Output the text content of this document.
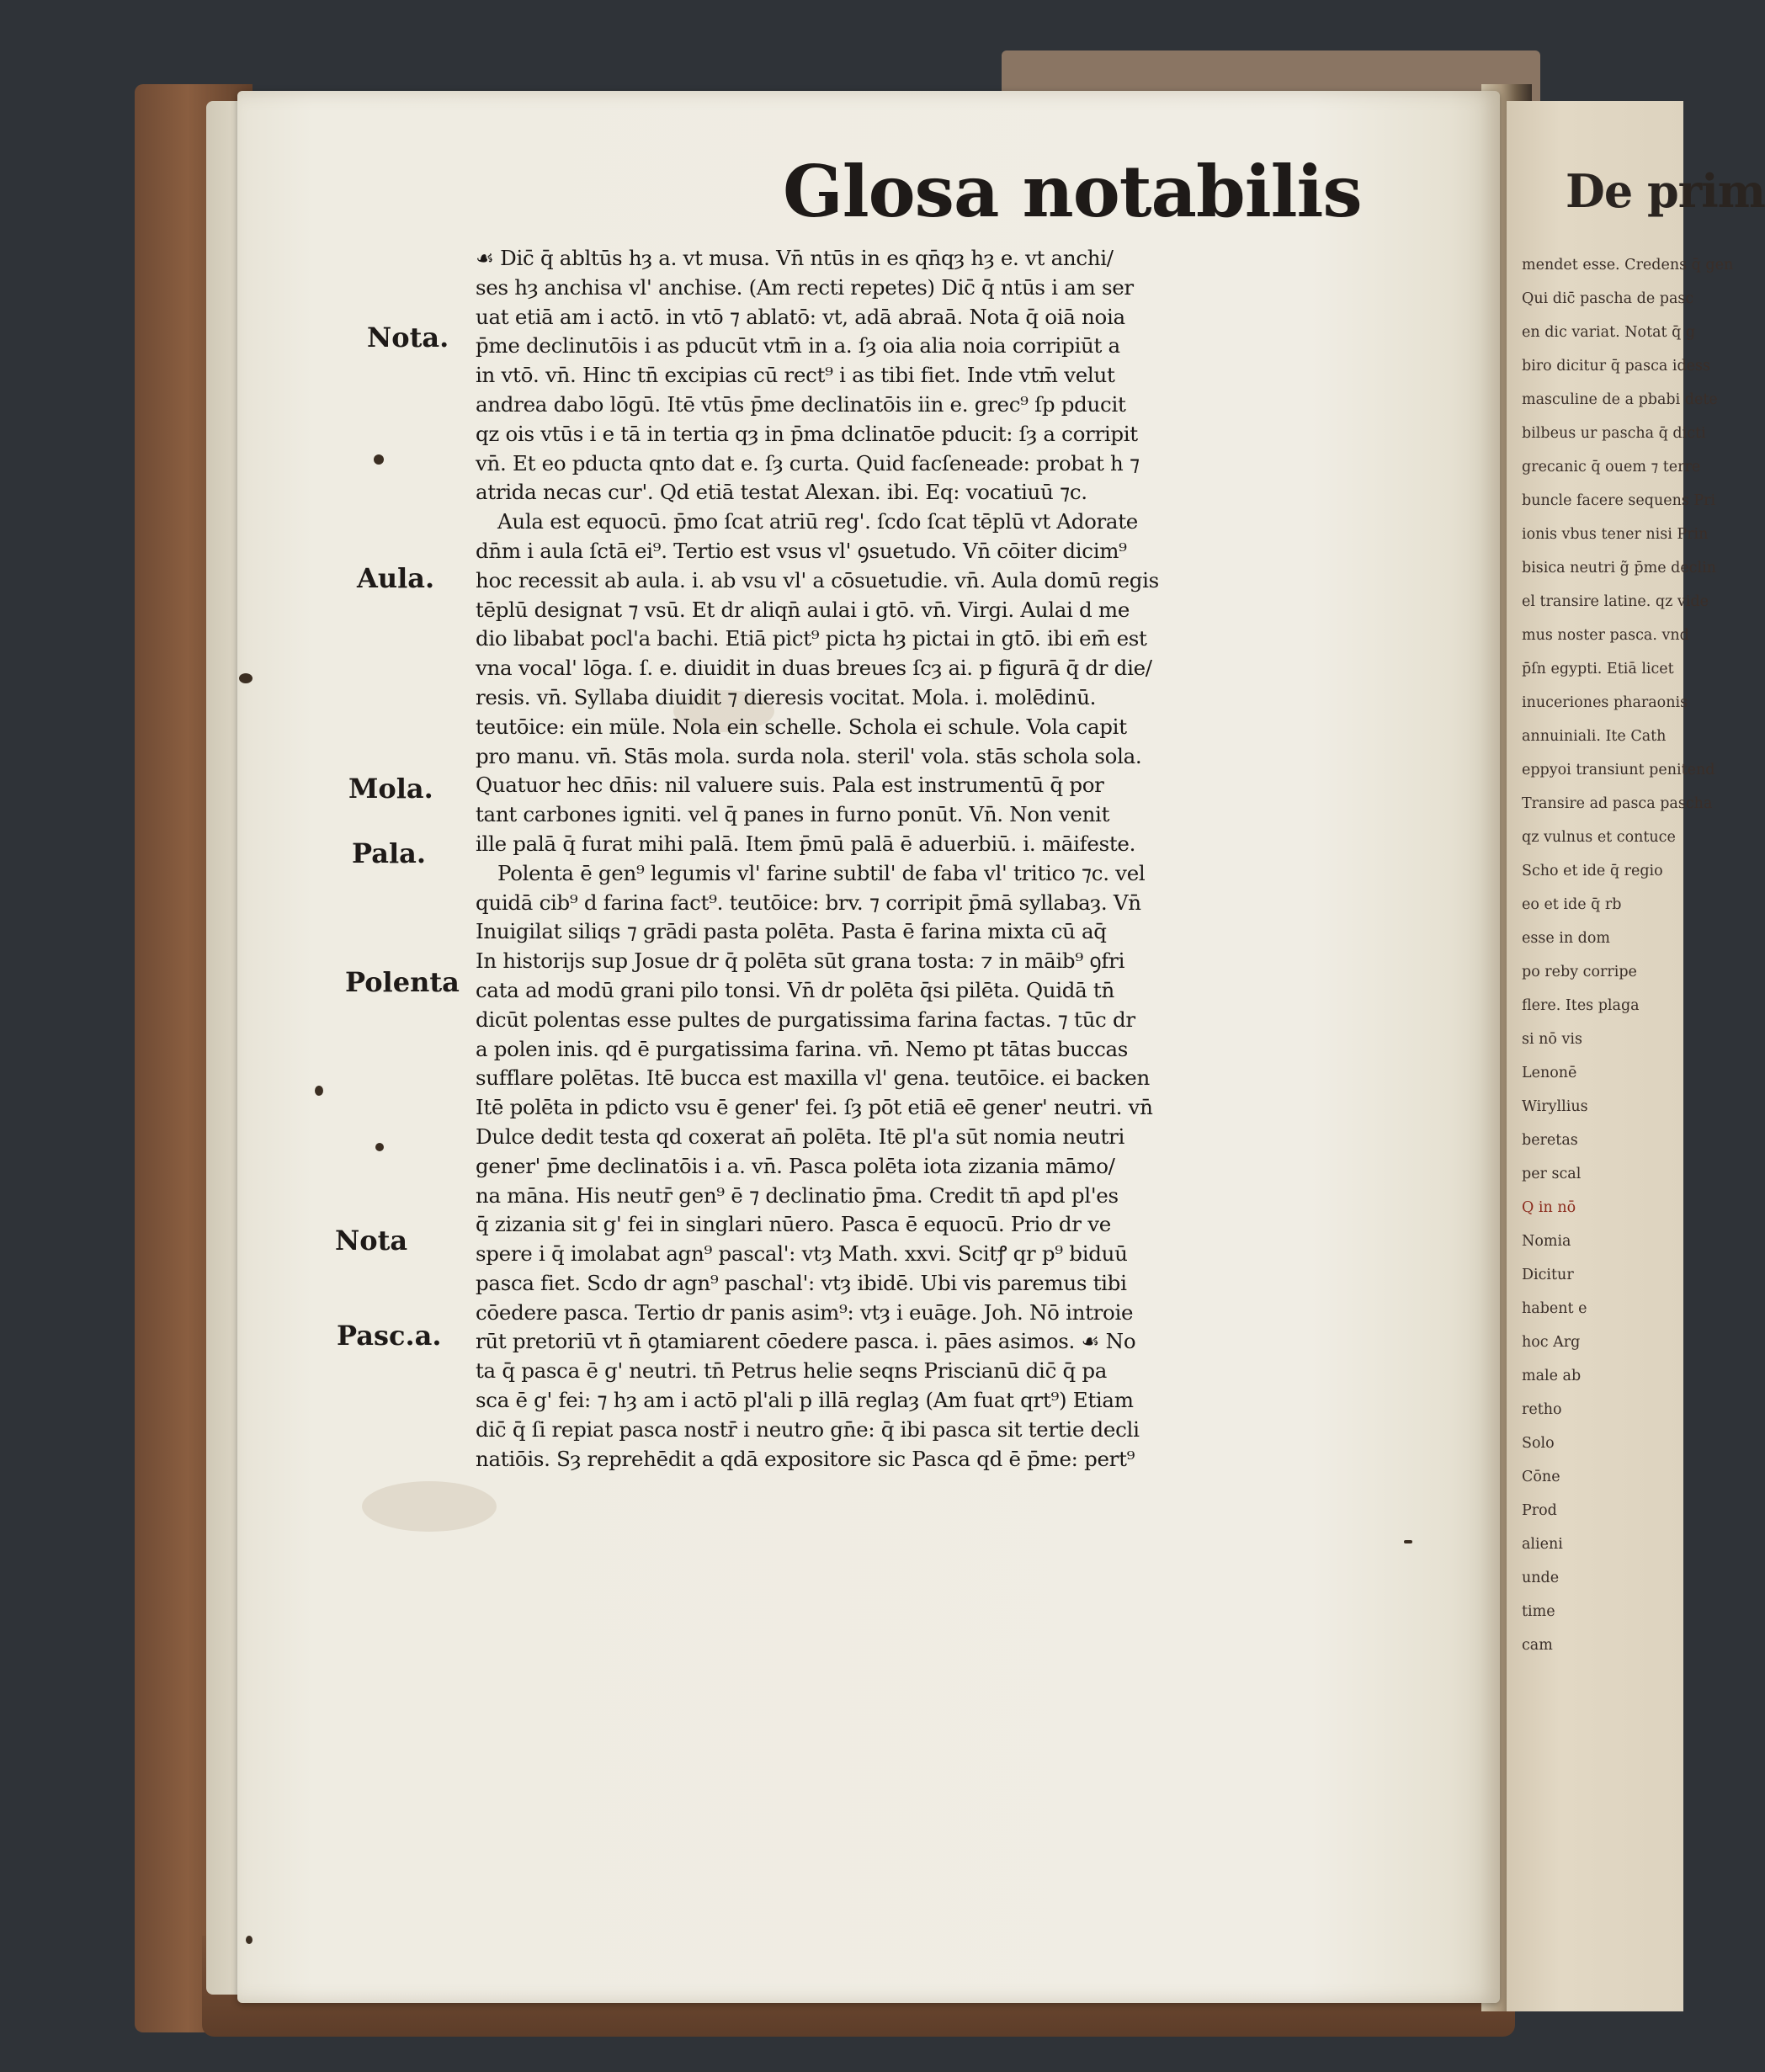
De prim
mendet esse. Credens q̄ gen
Qui dic̄ pascha de pasc
en dic variat. Notat q̄ g
biro dicitur q̄ pasca idess
masculine de a pbabi dete
bilbeus ur pascha q̄ dicti
grecanic q̄ ouem ⁊ terre
buncle facere sequens Pri
ionis vbus tener nisi Prin
bisica neutri g̃ p̄me declin
el transire latine. qz vide
mus noster pasca. vnd
p̄ſn egypti. Etiā licet
inuceriones pharaonis
annuiniali. Ite Cath
eppyoi transiunt penitend
Transire ad pasca pascha
qz vulnus et contuce
Scho et ide q̄ regio
eo et ide q̄ rb
esse in dom
po reby corripe
flere. Ites plaga
si nō vis
Lenonē
Wiryllius
beretas
per scal
Q in nō
Nomia
Dicitur
habent e
hoc Arg
male ab
retho
Solo
Cōne
Prod
alieni
unde
time
cam
Glosa notabilis
Nota.
Aula.
Mola.
Pala.
Polenta
Nota
Pasc.a.
☙ Dic̄ q̄ abltūs hȝ a. vt musa. Vn̄ ntūs in es qn̄qȝ hȝ e. vt anchi/
ses hȝ anchisa vl' anchise. (Am recti repetes) Dic̄ q̄ ntūs i am ser
uat etiā am i actō. in vtō ⁊ ablatō: vt, adā abraā. Nota q̄ oiā noia
p̄me declinutōis i as pducūt vtm̄ in a. ſȝ oia alia noia corripiūt a
in vtō. vn̄. Hinc tn̄ excipias cū rect⁹ i as tibi fiet. Inde vtm̄ velut
andrea dabo lōgū. Itē vtūs p̄me declinatōis iin e. grec⁹ ſp pducit
qz ois vtūs i e tā in tertia qȝ in p̄ma dclinatōe pducit: ſȝ a corripit
vn̄. Et eo pducta qnto dat e. ſȝ curta. Quid facſeneade: probat h ⁊
atrida necas cur'. Qd etiā testat Alexan. ibi. Eq: vocatiuū ⁊c.
Aula est equocū. p̄mo ſcat atriū reg'. ſcdo ſcat tēplū vt Adorate
dn̄m i aula ſctā ei⁹. Tertio est vsus vl' ꝯsuetudo. Vn̄ cōiter dicim⁹
hoc recessit ab aula. i. ab vsu vl' a cōsuetudie. vn̄. Aula domū regis
tēplū designat ⁊ vsū. Et dr aliqn̄ aulai i gtō. vn̄. Virgi. Aulai d me
dio libabat pocl'a bachi. Etiā pict⁹ picta hȝ pictai in gtō. ibi em̄ est
vna vocal' lōga. ſ. e. diuidit in duas breues ſcȝ ai. p figurā q̄ dr die/
resis. vn̄. Syllaba diuidit ⁊ dieresis vocitat. Mola. i. molēdinū.
teutōice: ein müle. Nola ein schelle. Schola ei schule. Vola capit
pro manu. vn̄. Stās mola. surda nola. steril' vola. stās schola sola.
Quatuor hec dn̄is: nil valuere suis. Pala est instrumentū q̄ por
tant carbones igniti. vel q̄ panes in furno ponūt. Vn̄. Non venit
ille palā q̄ furat mihi palā. Item p̄mū palā ē aduerbiū. i. māifeste.
Polenta ē gen⁹ legumis vl' farine subtil' de faba vl' tritico ⁊c. vel
quidā cib⁹ d farina fact⁹. teutōice: brv. ⁊ corripit p̄mā syllabaȝ. Vn̄
Inuigilat siliqs ⁊ grādi pasta polēta. Pasta ē farina mixta cū aq̄
In historijs sup Josue dr q̄ polēta sūt grana tosta: ⁊ in māib⁹ ꝯfri
cata ad modū grani pilo tonsi. Vn̄ dr polēta q̄si pilēta. Quidā tn̄
dicūt polentas esse pultes de purgatissima farina factas. ⁊ tūc dr
a polen inis. qd ē purgatissima farina. vn̄. Nemo pt tātas buccas
sufflare polētas. Itē bucca est maxilla vl' gena. teutōice. ei backen
Itē polēta in pdicto vsu ē gener' fei. ſȝ pōt etiā eē gener' neutri. vn̄
Dulce dedit testa qd coxerat an̄ polēta. Itē pl'a sūt nomia neutri
gener' p̄me declinatōis i a. vn̄. Pasca polēta iota zizania māmo/
na māna. His neutr̄ gen⁹ ē ⁊ declinatio p̄ma. Credit tn̄ apd pl'es
q̄ zizania sit g' fei in singlari nūero. Pasca ē equocū. Prio dr ve
spere i q̄ imolabat agn⁹ pascal': vtȝ Math. xxvi. Scitꝭ qr p⁹ biduū
pasca fiet. Scdo dr agn⁹ paschal': vtȝ ibidē. Ubi vis paremus tibi
cōedere pasca. Tertio dr panis asim⁹: vtȝ i euāge. Joh. Nō introie
rūt pretoriū vt n̄ ꝯtamiarent cōedere pasca. i. pāes asimos. ☙ No
ta q̄ pasca ē g' neutri. tn̄ Petrus helie seqns Priscianū dic̄ q̄ pa
sca ē g' fei: ⁊ hȝ am i actō pl'ali p illā reglaȝ (Am fuat qrt⁹) Etiam
dic̄ q̄ ſi repiat pasca nostr̄ i neutro gn̄e: q̄ ibi pasca sit tertie decli
natiōis. Sȝ reprehēdit a qdā expositore sic Pasca qd ē p̄me: pert⁹
